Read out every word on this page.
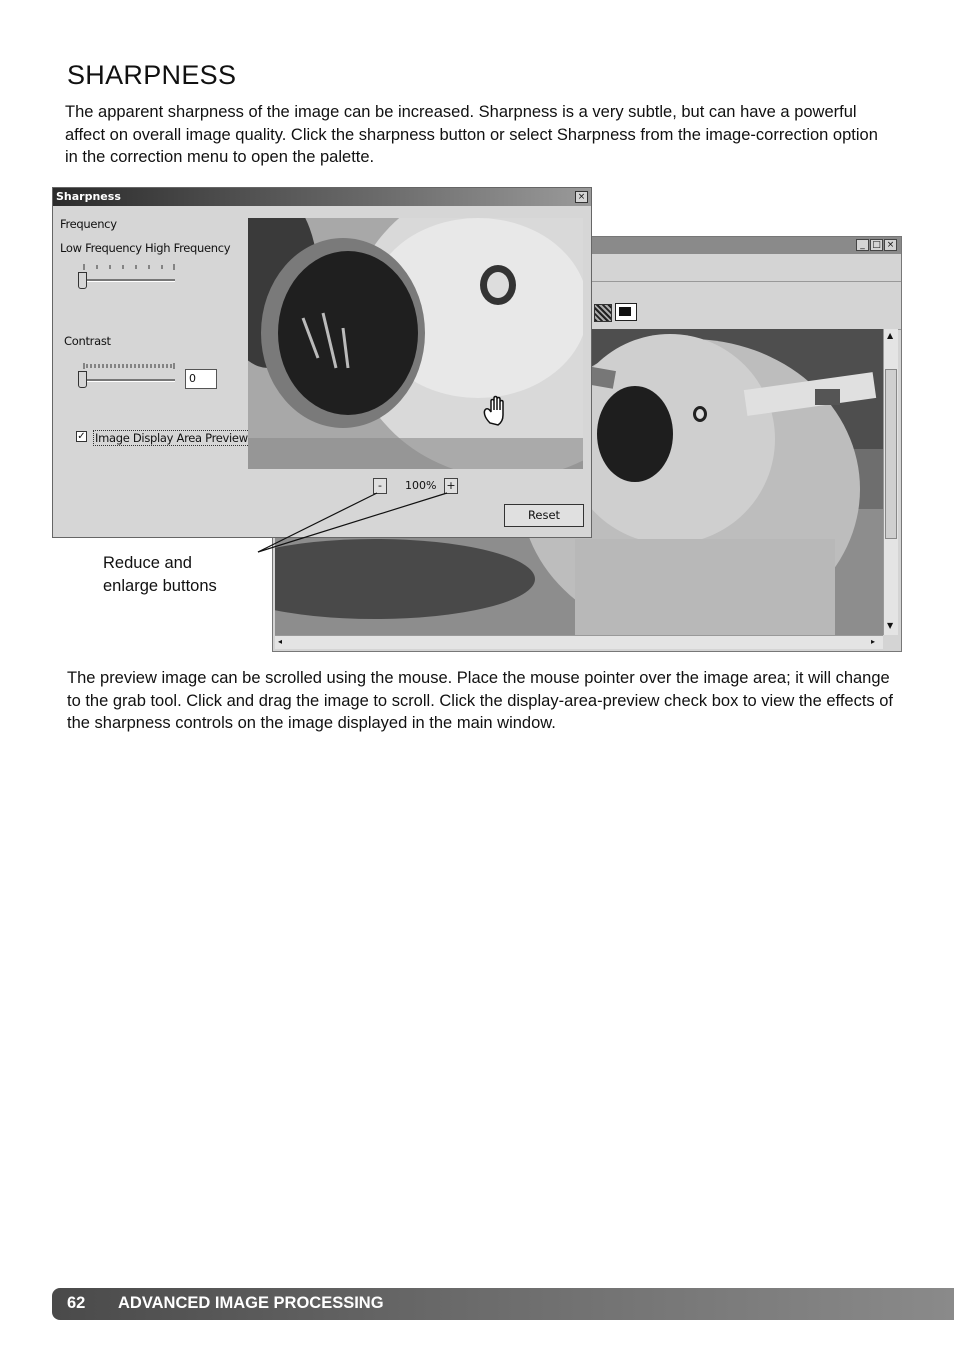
SHARPNESS
The apparent sharpness of the image can be increased. Sharpness is a very subtle, but can have a powerful affect on overall image quality. Click the sharpness button or select Sharpness from the image-correction option in the correction menu to open the palette.
_ □ ×
▲
▼
◂	▸
Sharpness	×
Frequency
Low Frequency High Frequency
Contrast
0
✓ Image Display Area Preview
-	100% +
Reset
Reduce and
enlarge buttons
The preview image can be scrolled using the mouse. Place the mouse pointer over the image area; it will change to the grab tool. Click and drag the image to scroll. Click the display-area-preview check box to view the effects of the sharpness controls on the image displayed in the main window.
62 ADVANCED IMAGE PROCESSING
